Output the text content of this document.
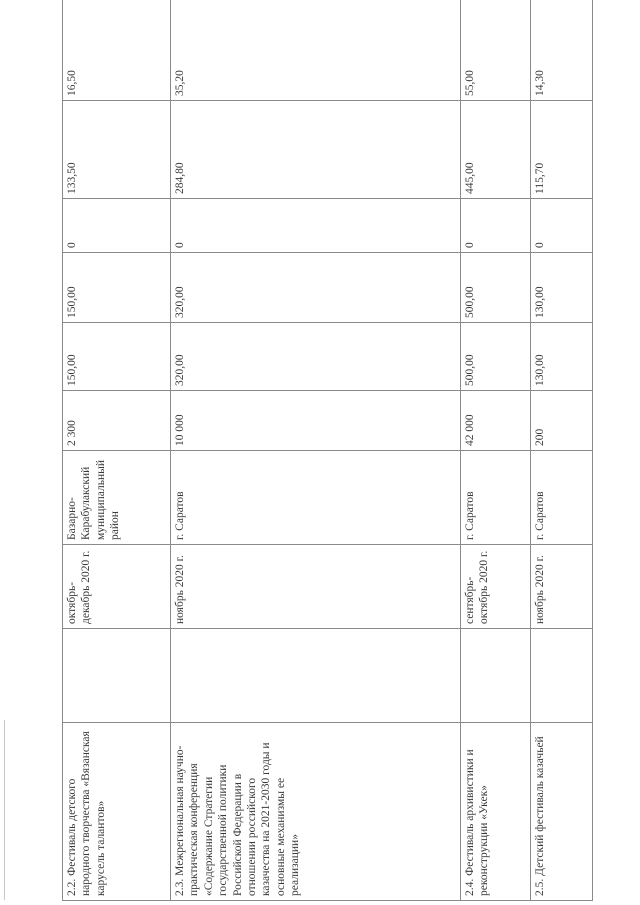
2.2. Фестиваль детского народного творчества «Вязанская карусель талантов»		октябрь-декабрь 2020 г.	Базарно-Карабулакский муниципальный район	2 300	150,00	150,00	0	133,50	16,50
2.3. Межрегиональная научно-практическая конференция «Содержание Стратегии государственной политики Российской Федерации в отношении российского казачества на 2021-2030 годы и основные механизмы ее реализации»		ноябрь 2020 г.	г. Саратов	10 000	320,00	320,00	0	284,80	35,20
2.4. Фестиваль архивистики и реконструкции «Укек»		сентябрь-октябрь 2020 г.	г. Саратов	42 000	500,00	500,00	0	445,00	55,00
2.5. Детский фестиваль казачьей		ноябрь 2020 г.	г. Саратов	200	130,00	130,00	0	115,70	14,30
